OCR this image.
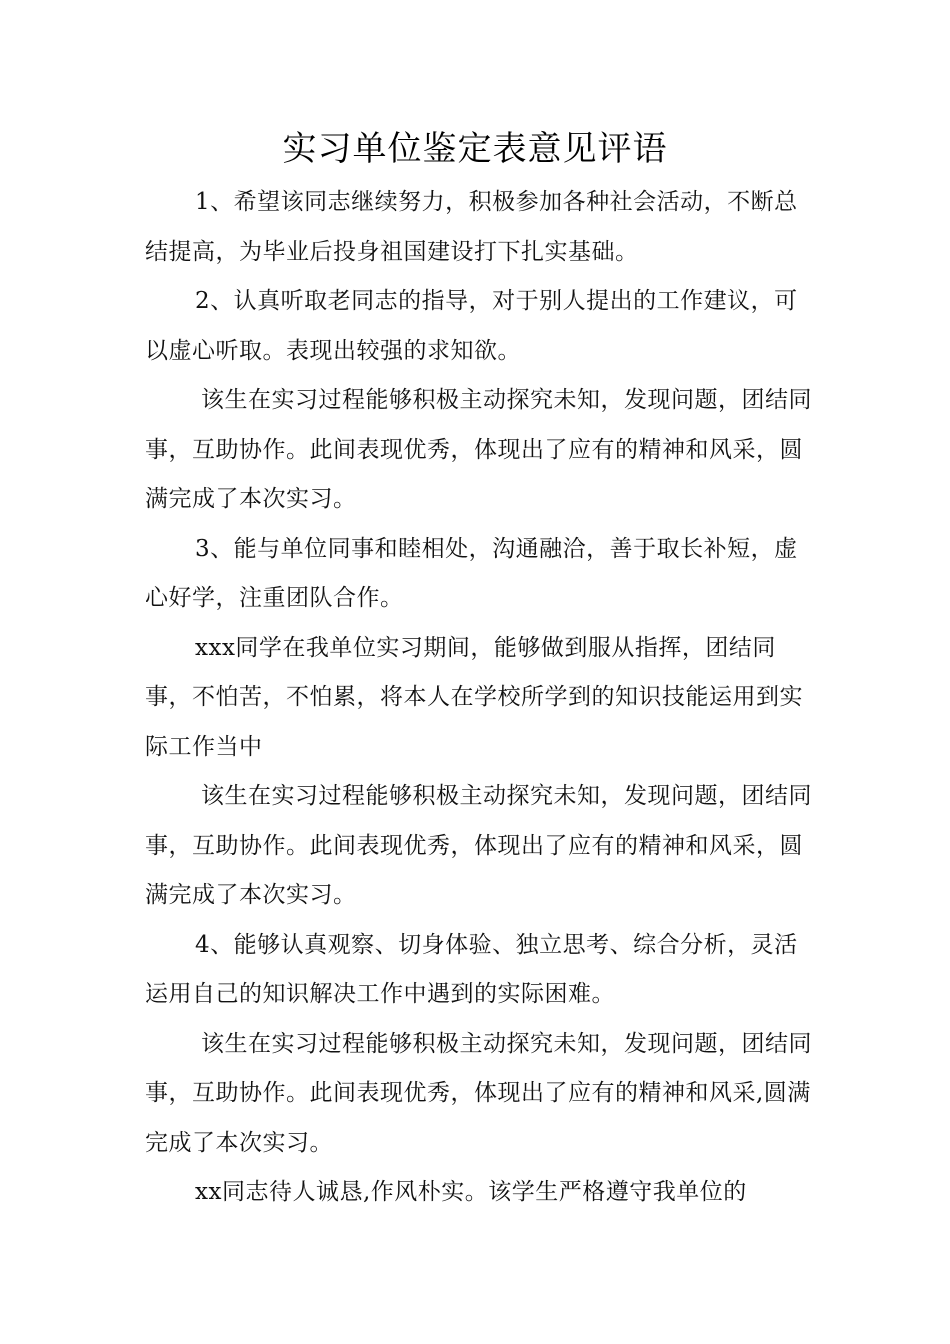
实习单位鉴定表意见评语

1、希望该同志继续努力，积极参加各种社会活动，不断总结提高，为毕业后投身祖国建设打下扎实基础。

2、认真听取老同志的指导，对于别人提出的工作建议，可以虚心听取。表现出较强的求知欲。

该生在实习过程能够积极主动探究未知，发现问题，团结同事，互助协作。此间表现优秀，体现出了应有的精神和风采，圆满完成了本次实习。

3、能与单位同事和睦相处，沟通融洽，善于取长补短，虚心好学，注重团队合作。

xxx同学在我单位实习期间，能够做到服从指挥，团结同事，不怕苦，不怕累，将本人在学校所学到的知识技能运用到实际工作当中

该生在实习过程能够积极主动探究未知，发现问题，团结同事，互助协作。此间表现优秀，体现出了应有的精神和风采，圆满完成了本次实习。

4、能够认真观察、切身体验、独立思考、综合分析，灵活运用自己的知识解决工作中遇到的实际困难。

该生在实习过程能够积极主动探究未知，发现问题，团结同事，互助协作。此间表现优秀，体现出了应有的精神和风采,圆满完成了本次实习。

xx同志待人诚恳,作风朴实。该学生严格遵守我单位的
